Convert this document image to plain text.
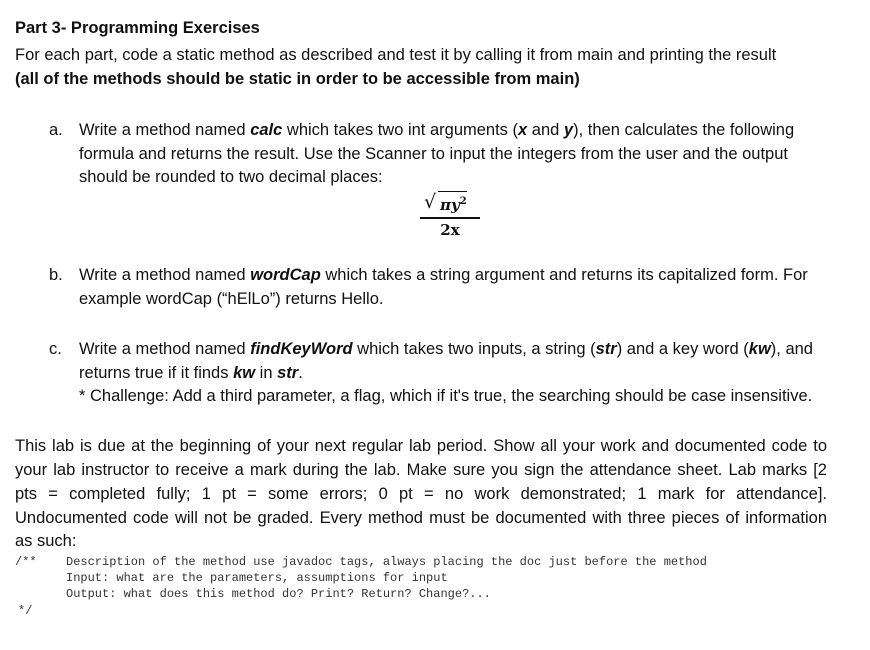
Part 3- Programming Exercises
For each part, code a static method as described and test it by calling it from main and printing the result
(all of the methods should be static in order to be accessible from main)
a. Write a method named calc which takes two int arguments (x and y), then calculates the following
formula and returns the result. Use the Scanner to input the integers from the user and the output
should be rounded to two decimal places:
√ $\pi y^2$
2x
b. Write a method named wordCap which takes a string argument and returns its capitalized form. For
example wordCap (“hElLo”) returns Hello.
c. Write a method named findKeyWord which takes two inputs, a string (str) and a key word (kw), and
returns true if it finds kw in str.
* Challenge: Add a third parameter, a flag, which if it's true, the searching should be case insensitive.
This lab is due at the beginning of your next regular lab period. Show all your work and documented code to
your lab instructor to receive a mark during the lab. Make sure you sign the attendance sheet. Lab marks [2
pts = completed fully; 1 pt = some errors; 0 pt = no work demonstrated; 1 mark for attendance].
Undocumented code will not be graded. Every method must be documented with three pieces of information
as such:
/** Description of the method use javadoc tags, always placing the doc just before the method
Input: what are the parameters, assumptions for input
Output: what does this method do? Print? Return? Change?...
*/
